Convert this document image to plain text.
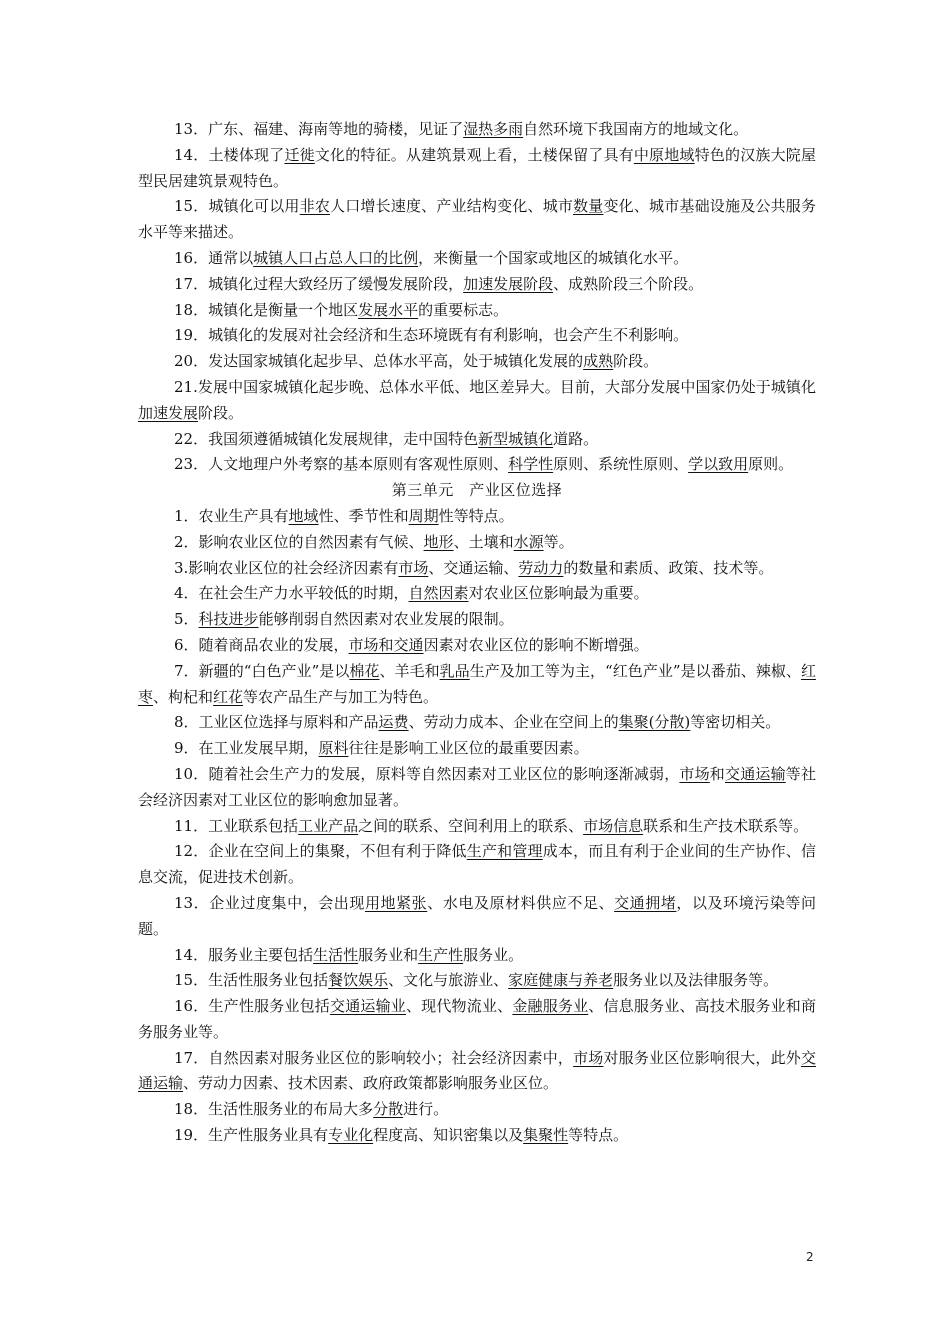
13．广东、福建、海南等地的骑楼，见证了湿热多雨自然环境下我国南方的地域文化。

14．土楼体现了迁徙文化的特征。从建筑景观上看，土楼保留了具有中原地域特色的汉族大院屋型民居建筑景观特色。

15．城镇化可以用非农人口增长速度、产业结构变化、城市数量变化、城市基础设施及公共服务水平等来描述。

16．通常以城镇人口占总人口的比例，来衡量一个国家或地区的城镇化水平。

17．城镇化过程大致经历了缓慢发展阶段，加速发展阶段、成熟阶段三个阶段。

18．城镇化是衡量一个地区发展水平的重要标志。

19．城镇化的发展对社会经济和生态环境既有有利影响，也会产生不利影响。

20．发达国家城镇化起步早、总体水平高，处于城镇化发展的成熟阶段。

21.发展中国家城镇化起步晚、总体水平低、地区差异大。目前，大部分发展中国家仍处于城镇化加速发展阶段。

22．我国须遵循城镇化发展规律，走中国特色新型城镇化道路。

23．人文地理户外考察的基本原则有客观性原则、科学性原则、系统性原则、学以致用原则。

第三单元　产业区位选择

1．农业生产具有地域性、季节性和周期性等特点。

2．影响农业区位的自然因素有气候、地形、土壤和水源等。

3.影响农业区位的社会经济因素有市场、交通运输、劳动力的数量和素质、政策、技术等。

4．在社会生产力水平较低的时期，自然因素对农业区位影响最为重要。

5．科技进步能够削弱自然因素对农业发展的限制。

6．随着商品农业的发展，市场和交通因素对农业区位的影响不断增强。

7．新疆的“白色产业”是以棉花、羊毛和乳品生产及加工等为主，“红色产业”是以番茄、辣椒、红枣、枸杞和红花等农产品生产与加工为特色。

8．工业区位选择与原料和产品运费、劳动力成本、企业在空间上的集聚(分散)等密切相关。

9．在工业发展早期，原料往往是影响工业区位的最重要因素。

10．随着社会生产力的发展，原料等自然因素对工业区位的影响逐渐减弱，市场和交通运输等社会经济因素对工业区位的影响愈加显著。

11．工业联系包括工业产品之间的联系、空间利用上的联系、市场信息联系和生产技术联系等。

12．企业在空间上的集聚，不但有利于降低生产和管理成本，而且有利于企业间的生产协作、信息交流，促进技术创新。

13．企业过度集中，会出现用地紧张、水电及原材料供应不足、交通拥堵，以及环境污染等问题。

14．服务业主要包括生活性服务业和生产性服务业。

15．生活性服务业包括餐饮娱乐、文化与旅游业、家庭健康与养老服务业以及法律服务等。

16．生产性服务业包括交通运输业、现代物流业、金融服务业、信息服务业、高技术服务业和商务服务业等。

17．自然因素对服务业区位的影响较小；社会经济因素中，市场对服务业区位影响很大，此外交通运输、劳动力因素、技术因素、政府政策都影响服务业区位。

18．生活性服务业的布局大多分散进行。

19．生产性服务业具有专业化程度高、知识密集以及集聚性等特点。

2
